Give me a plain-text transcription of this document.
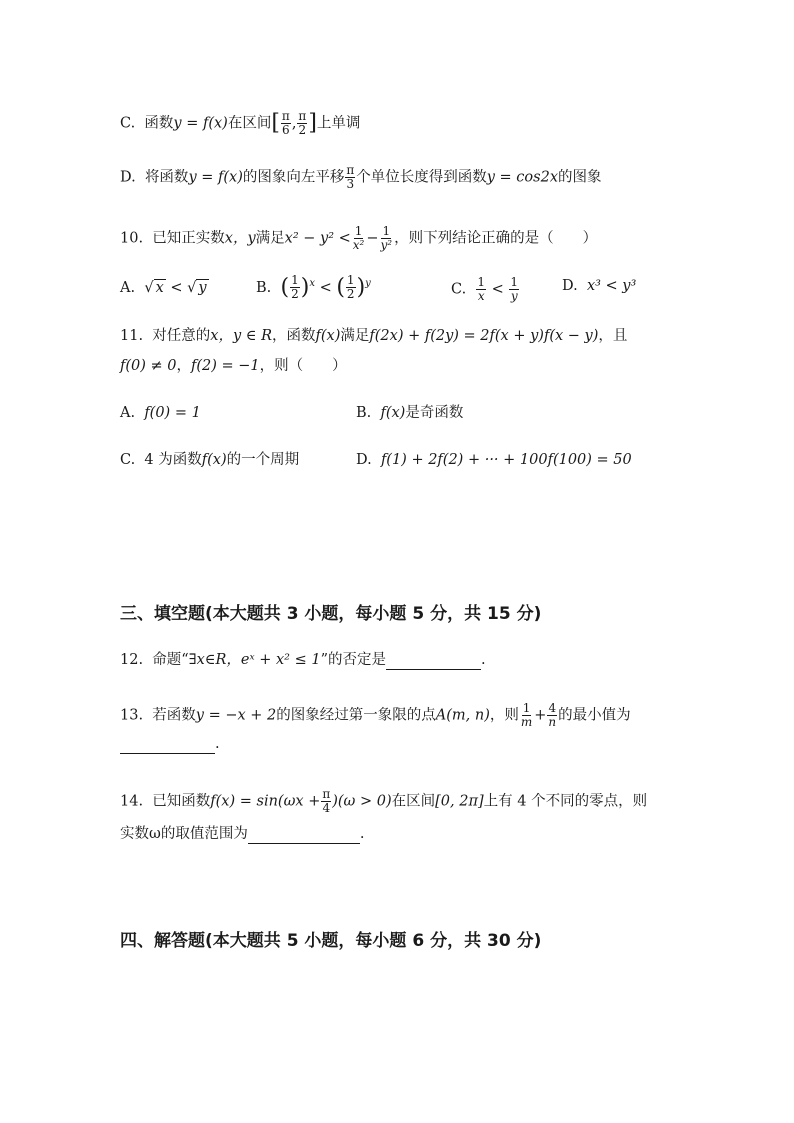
C. 函数y = f(x)在区间[ $\frac{\pi}{6}$ , $\frac{\pi}{2}$ ]上单调
D. 将函数y = f(x)的图象向左平移 $\frac{\pi}{3}$ 个单位长度得到函数y = cos2x的图象
10. 已知正实数x，y满足$x^2 - y^2 < \frac{1}{\text{x²}} - \frac{1}{\text{y²}}$ ，则下列结论正确的是（　　）
A. √ x < √ y	B. ( $\frac{1}{2} )^x$ < ( $\frac{1}{2} )^y$	C. $\frac{1}{x} < \frac{1}{y}$	D. x³ < y³
11. 对任意的x，y ∈ R，函数f(x)满足f(2x) + f(2y) = 2f(x + y)f(x − y)，且
f(0) ≠ 0，f(2) = −1，则（　　）
A. f(0) = 1	B. f(x)是奇函数
C. 4 为函数f(x)的一个周期	D. f(1) + 2f(2) + ··· + 100f(100) = 50
三、填空题(本大题共 3 小题，每小题 5 分，共 15 分)
12. 命题“∃x∈R，eˣ + x² ≤ 1”的否定是	.
13. 若函数y = −x + 2的图象经过第一象限的点A(m, n)，则 $\frac{1}{m} + \frac{4}{n}$ 的最小值为
.
14. 已知函数$f(x) = \sin(\omega x + \frac{\pi}{4} )(\omega > 0)$在区间[0, 2π]上有 4 个不同的零点，则
实数ω的取值范围为	.
四、解答题(本大题共 5 小题，每小题 6 分，共 30 分)
